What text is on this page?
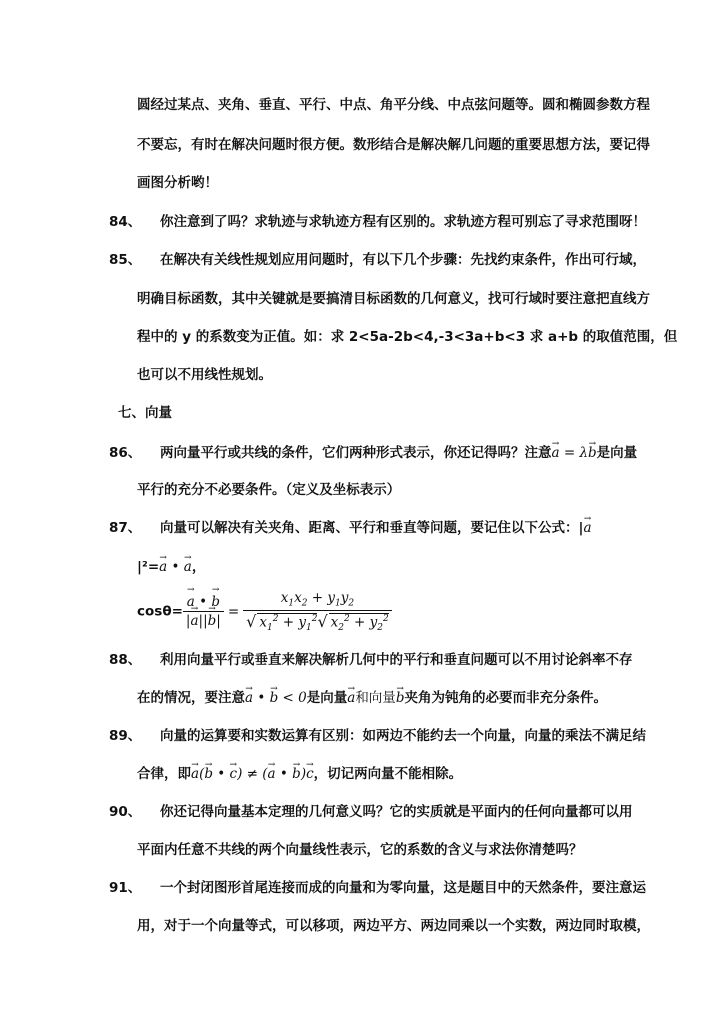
圆经过某点、夹角、垂直、平行、中点、角平分线、中点弦问题等。圆和椭圆参数方程
不要忘，有时在解决问题时很方便。数形结合是解决解几问题的重要思想方法，要记得
画图分析哟！
84、 你注意到了吗？求轨迹与求轨迹方程有区别的。求轨迹方程可别忘了寻求范围呀！
85、 在解决有关线性规划应用问题时，有以下几个步骤：先找约束条件，作出可行域，
明确目标函数，其中关键就是要搞清目标函数的几何意义，找可行域时要注意把直线方
程中的 y 的系数变为正值。如：求 2<5a-2b<4,-3<3a+b<3 求 a+b 的取值范围，但
也可以不用线性规划。
七、向量
86、 两向量平行或共线的条件，它们两种形式表示，你还记得吗？注意→ a = λ→ b是向量
平行的充分不必要条件。（定义及坐标表示）
87、 向量可以解决有关夹角、距离、平行和垂直等问题，要记住以下公式：|→ a
|²=→ a • → a，
cosθ=
→ $\frac{a • \to b}{|\to a||\to b|} = x_1x_2 + y_1y_2$
√ $x_1^2 + y_1^2√$ $x_2^2 + y_2^2$
88、 利用向量平行或垂直来解决解析几何中的平行和垂直问题可以不用讨论斜率不存
在的情况，要注意→ a • → b < 0是向量→ a和向量→ b夹角为钝角的必要而非充分条件。
89、 向量的运算要和实数运算有区别：如两边不能约去一个向量，向量的乘法不满足结
合律，即→ a(→ b • → c) ≠ (→ a • → b)→ c，切记两向量不能相除。
90、 你还记得向量基本定理的几何意义吗？它的实质就是平面内的任何向量都可以用
平面内任意不共线的两个向量线性表示，它的系数的含义与求法你清楚吗？
91、 一个封闭图形首尾连接而成的向量和为零向量，这是题目中的天然条件，要注意运
用，对于一个向量等式，可以移项，两边平方、两边同乘以一个实数，两边同时取模，
